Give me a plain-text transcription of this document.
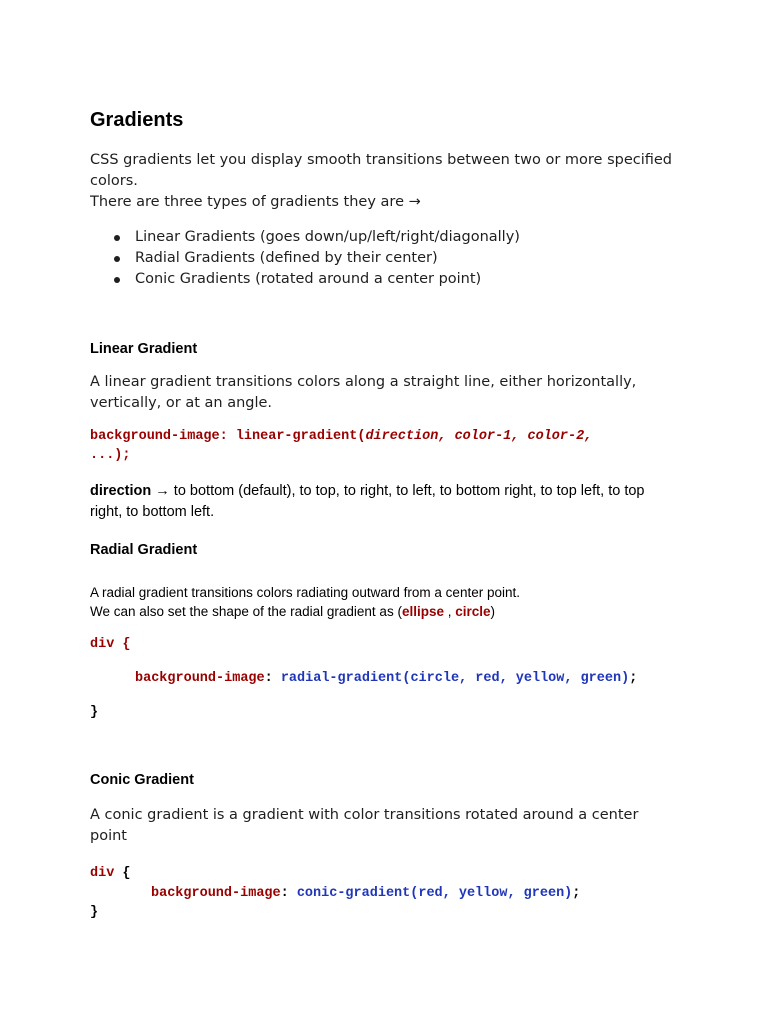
Gradients

CSS gradients let you display smooth transitions between two or more specified

colors.

There are three types of gradients they are →

Linear Gradients (goes down/up/left/right/diagonally)
Radial Gradients (defined by their center)
Conic Gradients (rotated around a center point)
Linear Gradient

A linear gradient transitions colors along a straight line, either horizontally,

vertically, or at an angle.

background-image: linear-gradient(direction, color-1, color-2,

...);

direction → to bottom (default), to top, to right, to left, to bottom right, to top left, to top

right, to bottom left.

Radial Gradient

A radial gradient transitions colors radiating outward from a center point.

We can also set the shape of the radial gradient as (ellipse , circle)

div {

background-image: radial-gradient(circle, red, yellow, green);

}

Conic Gradient

A conic gradient is a gradient with color transitions rotated around a center

point

div {

background-image: conic-gradient(red, yellow, green);

}
